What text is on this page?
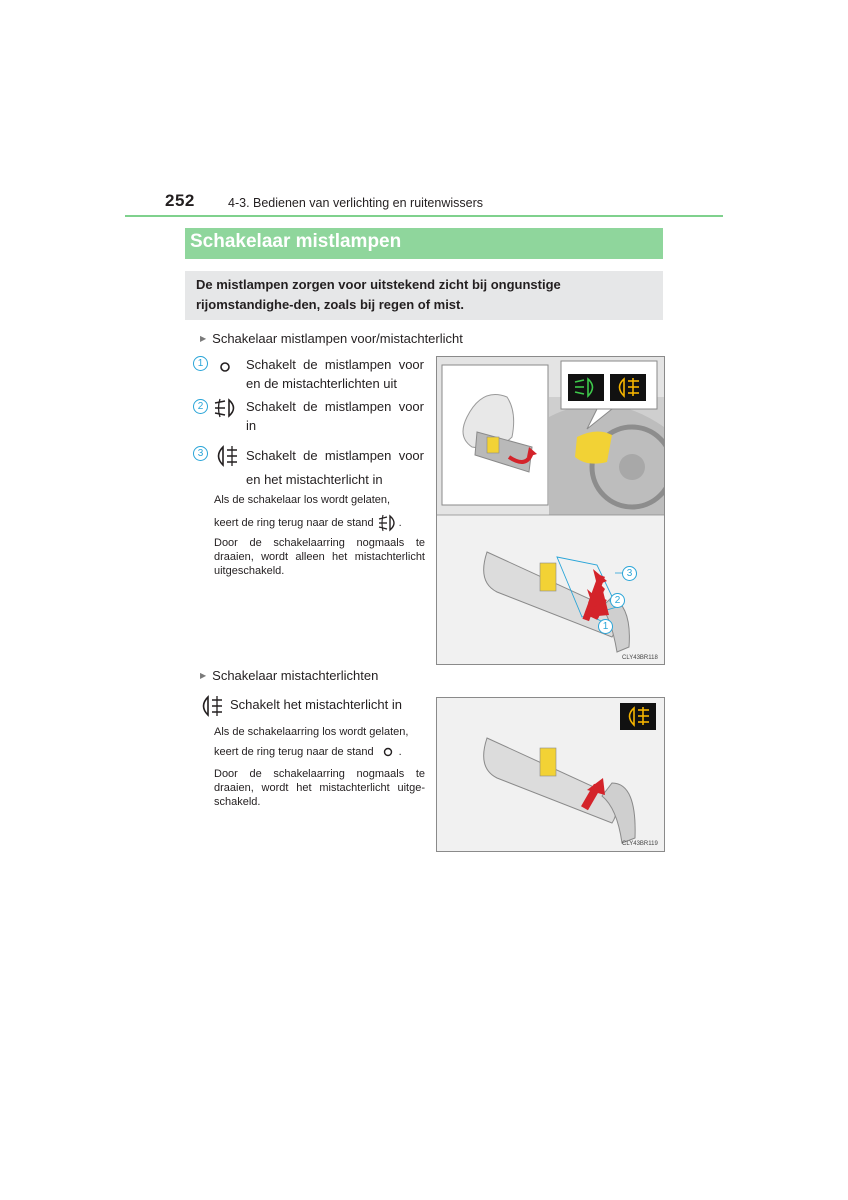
252	4-3. Bedienen van verlichting en ruitenwissers
Schakelaar mistlampen
De mistlampen zorgen voor uitstekend zicht bij ongunstige rijomstandighe-den, zoals bij regen of mist.
▶ Schakelaar mistlampen voor/mistachterlicht
1	Schakelt de mistlampen voor en de mistachterlichten uit
2	Schakelt de mistlampen voor in
3	Schakelt de mistlampen voor en het mistachterlicht in
Als de schakelaar los wordt gelaten,
keert de ring terug naar de stand .
Door de schakelaarring nogmaals te draaien, wordt alleen het mistachterlicht uitgeschakeld.	3
2
1
CLY43BR118
▶ Schakelaar mistachterlichten
Schakelt het mistachterlicht in
Als de schakelaarring los wordt gelaten,
keert de ring terug naar de stand .
Door de schakelaarring nogmaals te draaien, wordt het mistachterlicht uitge-schakeld.
CLY43BR119
